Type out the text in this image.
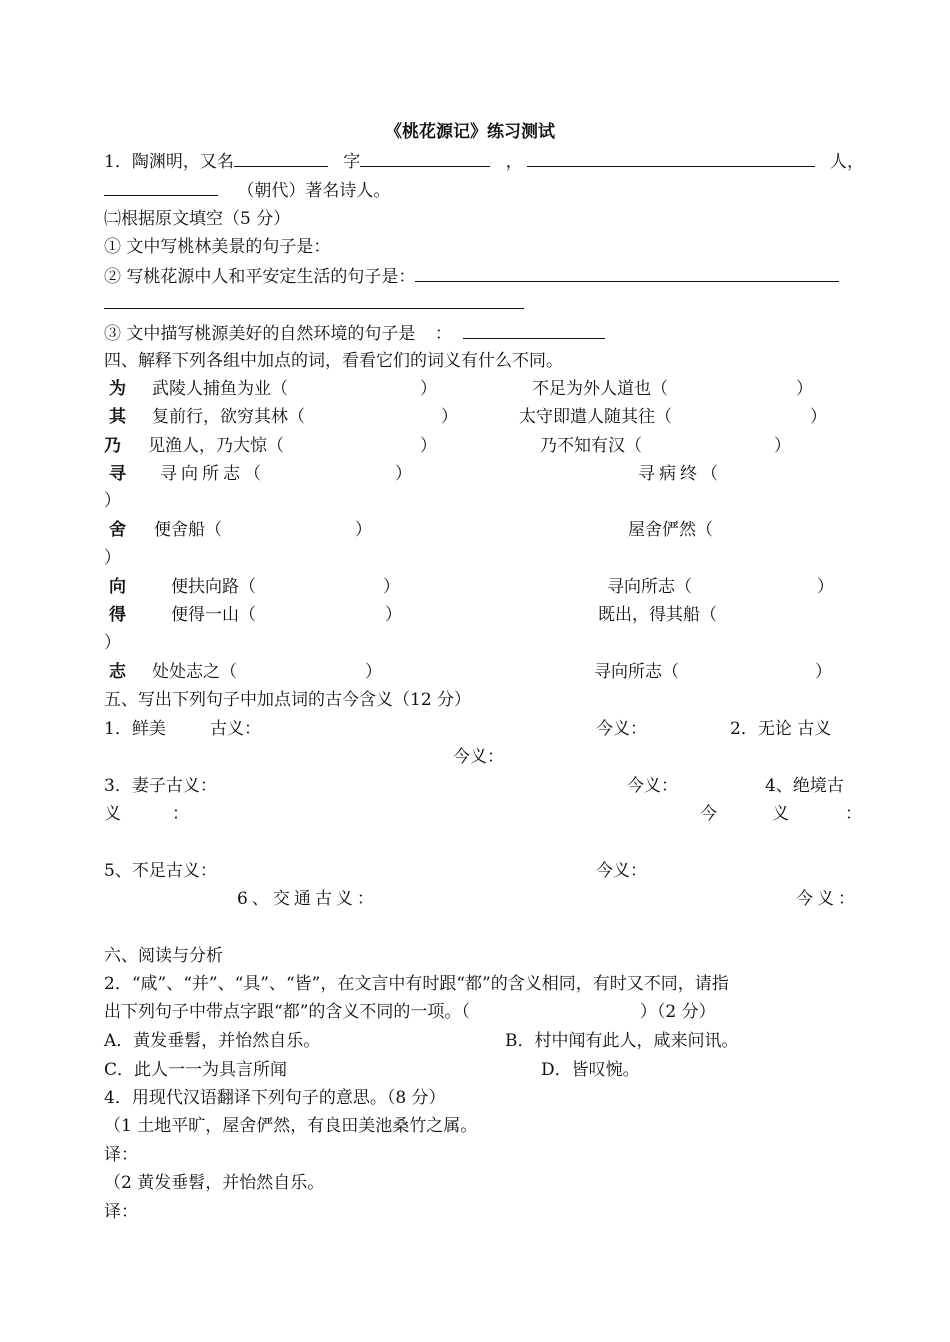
《桃花源记》练习测试
1．陶渊明，又名	字	，	人，
（朝代）著名诗人。
㈡根据原文填空（5 分）
① 文中写桃林美景的句子是：
② 写桃花源中人和平安定生活的句子是：
③ 文中描写桃源美好的自然环境的句子是 ：
四、解释下列各组中加点的词，看看它们的词义有什么不同。
为 武陵人捕鱼为业（	）	不足为外人道也（	）
其 复前行，欲穷其林（	）	太守即遣人随其往（	）
乃 见渔人，乃大惊（	）	乃不知有汉（	）
寻 寻向所志（	）	寻病终（
）
舍 便舍船（	）	屋舍俨然（
）
向	便扶向路（	）	寻向所志（	）
得	便得一山（	）	既出，得其船（
）
志 处处志之（	）	寻向所志（	）
五、写出下列句子中加点词的古今含义（12 分）
1．鲜美	古义：	今义：	2．无论 古义
今义：
3．妻子古义：	今义：	4、绝境古
义	：	今	义	：
5、不足古义：	今义：
6、交通古义：	今义：
六、阅读与分析
2．“咸”、“并”、“具”、“皆”，在文言中有时跟“都”的含义相同，有时又不同，请指
出下列句子中带点字跟“都”的含义不同的一项。（	）（2 分）
A．黄发垂髫，并怡然自乐。	B．村中闻有此人，咸来问讯。
C．此人一一为具言所闻	D．皆叹惋。
4．用现代汉语翻译下列句子的意思。（8 分）
（1 土地平旷，屋舍俨然，有良田美池桑竹之属。
译：
（2 黄发垂髫，并怡然自乐。
译：
